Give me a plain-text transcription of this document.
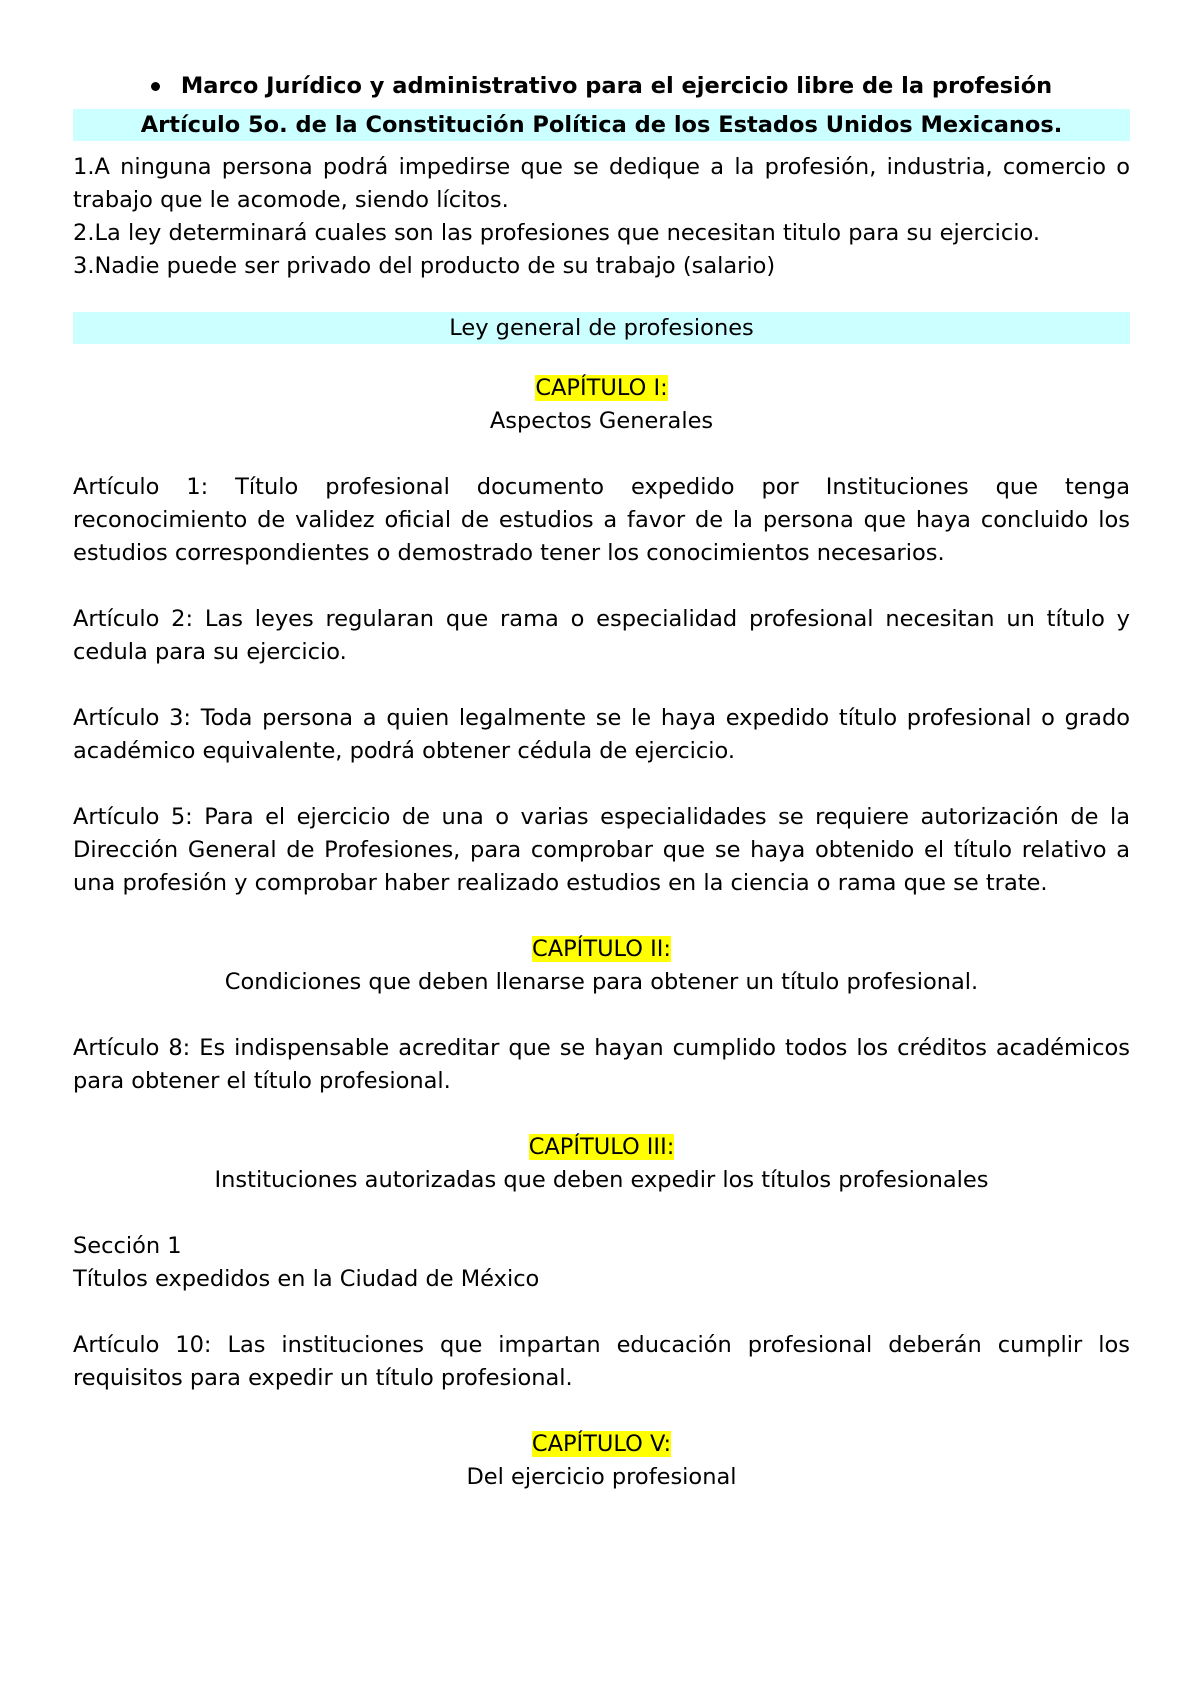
Marco Jurídico y administrativo para el ejercicio libre de la profesión
Artículo 5o. de la Constitución Política de los Estados Unidos Mexicanos.

1.A ninguna persona podrá impedirse que se dedique a la profesión, industria, comercio o trabajo que le acomode, siendo lícitos.

2.La ley determinará cuales son las profesiones que necesitan titulo para su ejercicio.

3.Nadie puede ser privado del producto de su trabajo (salario)

Ley general de profesiones

CAPÍTULO I:

Aspectos Generales

Artículo 1: Título profesional documento expedido por Instituciones que tenga reconocimiento de validez oficial de estudios a favor de la persona que haya concluido los estudios correspondientes o demostrado tener los conocimientos necesarios.

Artículo 2: Las leyes regularan que rama o especialidad profesional necesitan un título y cedula para su ejercicio.

Artículo 3: Toda persona a quien legalmente se le haya expedido título profesional o grado académico equivalente, podrá obtener cédula de ejercicio.

Artículo 5: Para el ejercicio de una o varias especialidades se requiere autorización de la Dirección General de Profesiones, para comprobar que se haya obtenido el título relativo a una profesión y comprobar haber realizado estudios en la ciencia o rama que se trate.

CAPÍTULO II:

Condiciones que deben llenarse para obtener un título profesional.

Artículo 8: Es indispensable acreditar que se hayan cumplido todos los créditos académicos para obtener el título profesional.

CAPÍTULO III:

Instituciones autorizadas que deben expedir los títulos profesionales

Sección 1

Títulos expedidos en la Ciudad de México

Artículo 10: Las instituciones que impartan educación profesional deberán cumplir los requisitos para expedir un título profesional.

CAPÍTULO V:

Del ejercicio profesional
